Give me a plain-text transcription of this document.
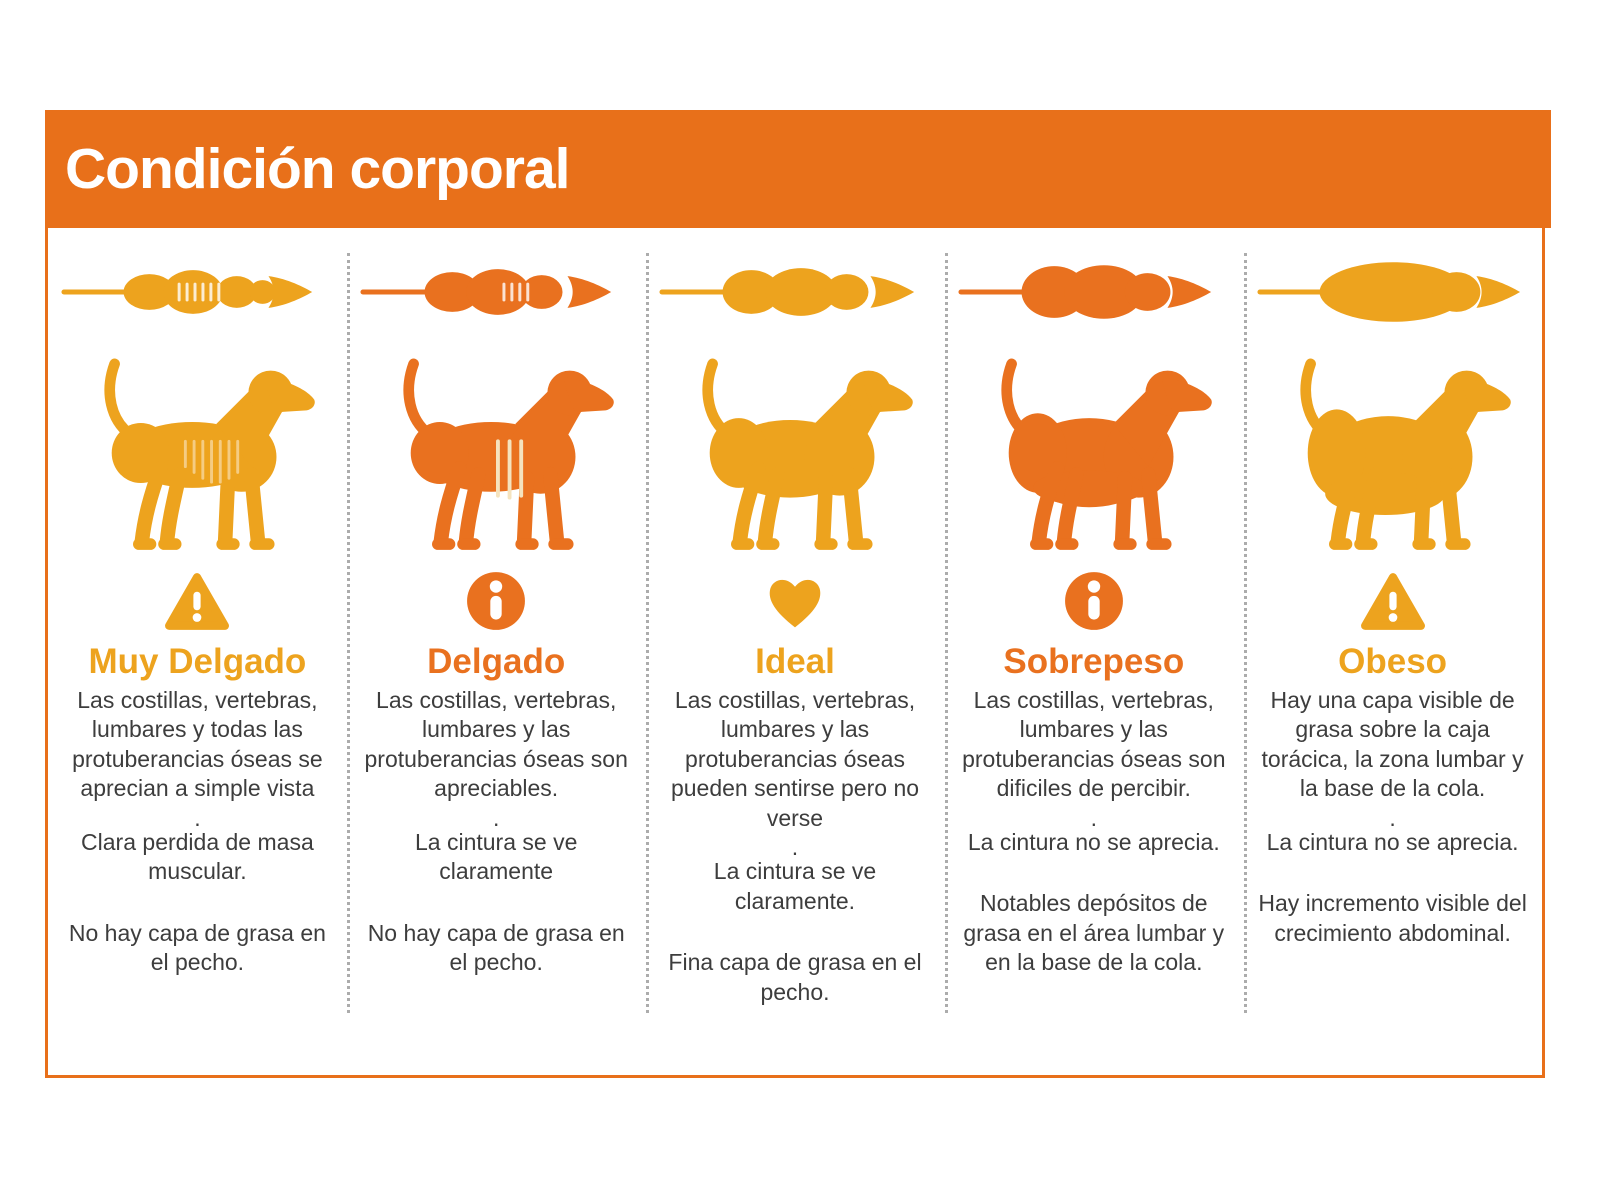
Condición corporal
Muy Delgado

Las costillas, vertebras, lumbares y todas las protuberancias óseas se aprecian a simple vista

.

Clara perdida de masa muscular.

No hay capa de grasa en el pecho.

Delgado

Las costillas, vertebras, lumbares y las protuberancias óseas son apreciables.

.

La cintura se ve claramente

No hay capa de grasa en el pecho.

Ideal

Las costillas, vertebras, lumbares y las protuberancias óseas pueden sentirse pero no verse

.

La cintura se ve claramente.

Fina capa de grasa en el pecho.

Sobrepeso

Las costillas, vertebras, lumbares y las protuberancias óseas son dificiles de percibir.

.

La cintura no se aprecia.

Notables depósitos de grasa en el área lumbar y en la base de la cola.

Obeso

Hay una capa visible de grasa sobre la caja torácica, la zona lumbar y la base de la cola.

.

La cintura no se aprecia.

Hay incremento visible del crecimiento abdominal.
